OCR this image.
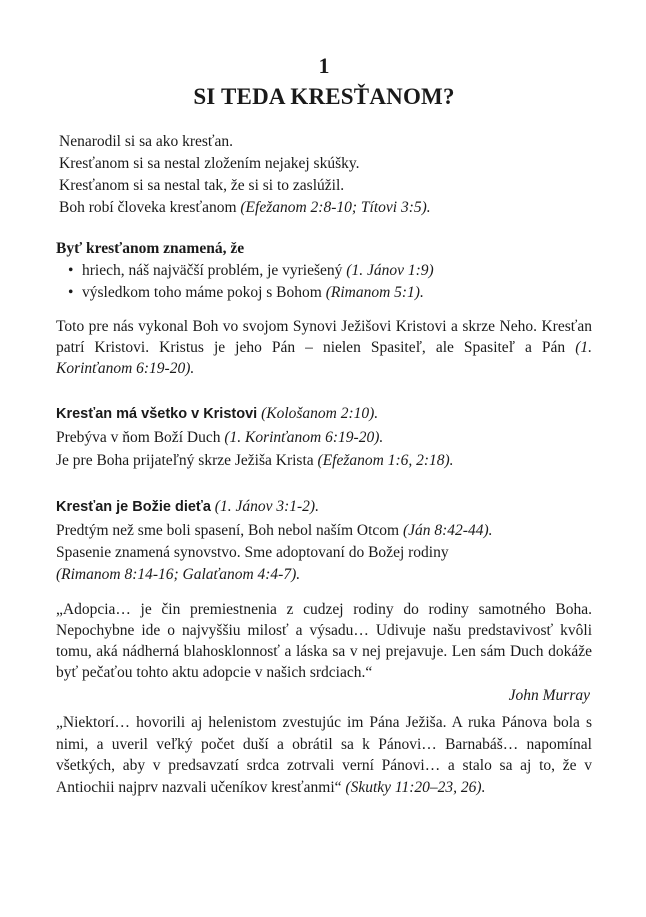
1
SI TEDA KRESŤANOM?
Nenarodil si sa ako kresťan.
Kresťanom si sa nestal zložením nejakej skúšky.
Kresťanom si sa nestal tak, že si si to zaslúžil.
Boh robí človeka kresťanom (Efežanom 2:8-10; Títovi 3:5).
Byť kresťanom znamená, že
• hriech, náš najväčší problém, je vyriešený (1. Jánov 1:9)
• výsledkom toho máme pokoj s Bohom (Rimanom 5:1).
Toto pre nás vykonal Boh vo svojom Synovi Ježišovi Kristovi a skrze Neho. Kresťan patrí Kristovi. Kristus je jeho Pán – nielen Spasiteľ, ale Spasiteľ a Pán (1. Korinťanom 6:19-20).
Kresťan má všetko v Kristovi (Kološanom 2:10).
Prebýva v ňom Boží Duch (1. Korinťanom 6:19-20).
Je pre Boha prijateľný skrze Ježiša Krista (Efežanom 1:6, 2:18).
Kresťan je Božie dieťa (1. Jánov 3:1-2).
Predtým než sme boli spasení, Boh nebol naším Otcom (Ján 8:42-44).
Spasenie znamená synovstvo. Sme adoptovaní do Božej rodiny
(Rimanom 8:14-16; Galaťanom 4:4-7).
„Adopcia… je čin premiestnenia z cudzej rodiny do rodiny samotného Boha. Nepochybne ide o najvyššiu milosť a výsadu… Udivuje našu predstavivosť kvôli tomu, aká nádherná blahosklonnosť a láska sa v nej prejavuje. Len sám Duch dokáže byť pečaťou tohto aktu adopcie v našich srdciach.“
John Murray
„Niektorí… hovorili aj helenistom zvestujúc im Pána Ježiša. A ruka Pánova bola s nimi, a uveril veľký počet duší a obrátil sa k Pánovi… Barnabáš… napomínal všetkých, aby v predsavzatí srdca zotrvali verní Pánovi… a stalo sa aj to, že v Antiochii najprv nazvali učeníkov kresťanmi“ (Skutky 11:20–23, 26).
